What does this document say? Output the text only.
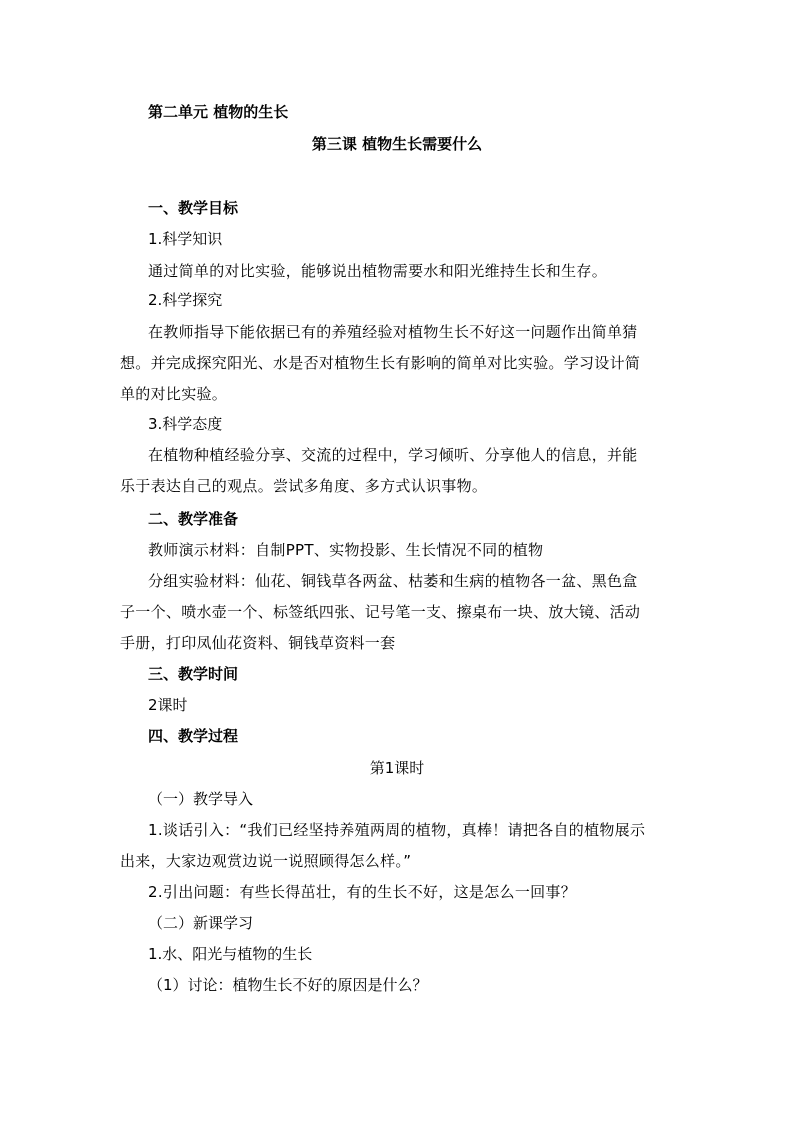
第二单元 植物的生长
第三课 植物生长需要什么
一、教学目标
1.科学知识
通过简单的对比实验，能够说出植物需要水和阳光维持生长和生存。
2.科学探究
在教师指导下能依据已有的养殖经验对植物生长不好这一问题作出简单猜想。并完成探究阳光、水是否对植物生长有影响的简单对比实验。学习设计简单的对比实验。
3.科学态度
在植物种植经验分享、交流的过程中，学习倾听、分享他人的信息，并能乐于表达自己的观点。尝试多角度、多方式认识事物。
二、教学准备
教师演示材料：自制PPT、实物投影、生长情况不同的植物
分组实验材料：仙花、铜钱草各两盆、枯萎和生病的植物各一盆、黑色盒子一个、喷水壶一个、标签纸四张、记号笔一支、擦桌布一块、放大镜、活动手册，打印凤仙花资料、铜钱草资料一套
三、教学时间
2课时
四、教学过程
第1课时
（一）教学导入
1.谈话引入：“我们已经坚持养殖两周的植物，真棒！请把各自的植物展示出来，大家边观赏边说一说照顾得怎么样。”
2.引出问题：有些长得茁壮，有的生长不好，这是怎么一回事？
（二）新课学习
1.水、阳光与植物的生长
（1）讨论：植物生长不好的原因是什么？
